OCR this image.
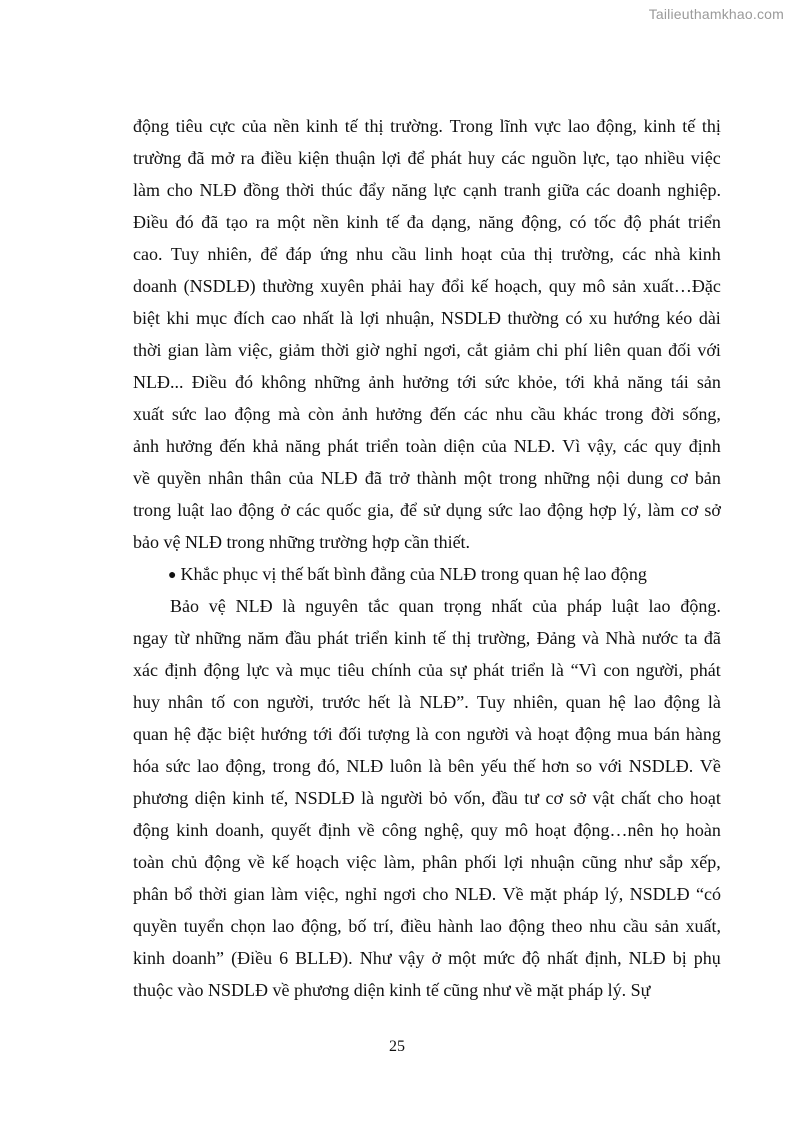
Tailieuthamkhao.com
động tiêu cực của nền kinh tế thị trường. Trong lĩnh vực lao động, kinh tế thị
trường đã mở ra điều kiện thuận lợi để phát huy các nguồn lực, tạo nhiều việc
làm cho NLĐ đồng thời thúc đẩy năng lực cạnh tranh giữa các doanh nghiệp.
Điều đó đã tạo ra một nền kinh tế đa dạng, năng động, có tốc độ phát triển
cao. Tuy nhiên, để đáp ứng nhu cầu linh hoạt của thị trường, các nhà kinh
doanh (NSDLĐ) thường xuyên phải hay đổi kế hoạch, quy mô sản xuất…Đặc
biệt khi mục đích cao nhất là lợi nhuận, NSDLĐ thường có xu hướng kéo dài
thời gian làm việc, giảm thời giờ nghỉ ngơi, cắt giảm chi phí liên quan đối với
NLĐ... Điều đó không những ảnh hưởng tới sức khỏe, tới khả năng tái sản
xuất sức lao động mà còn ảnh hưởng đến các nhu cầu khác trong đời sống,
ảnh hưởng đến khả năng phát triển toàn diện của NLĐ. Vì vậy, các quy định
về quyền nhân thân của NLĐ đã trở thành một trong những nội dung cơ bản
trong luật lao động ở các quốc gia, để sử dụng sức lao động hợp lý, làm cơ sở
bảo vệ NLĐ trong những trường hợp cần thiết.
● Khắc phục vị thế bất bình đẳng của NLĐ trong quan hệ lao động
Bảo vệ NLĐ là nguyên tắc quan trọng nhất của pháp luật lao động.
ngay từ những năm đầu phát triển kinh tế thị trường, Đảng và Nhà nước ta đã
xác định động lực và mục tiêu chính của sự phát triển là “Vì con người, phát
huy nhân tố con người, trước hết là NLĐ”. Tuy nhiên, quan hệ lao động là
quan hệ đặc biệt hướng tới đối tượng là con người và hoạt động mua bán hàng
hóa sức lao động, trong đó, NLĐ luôn là bên yếu thế hơn so với NSDLĐ. Về
phương diện kinh tế, NSDLĐ là người bỏ vốn, đầu tư cơ sở vật chất cho hoạt
động kinh doanh, quyết định về công nghệ, quy mô hoạt động…nên họ hoàn
toàn chủ động về kế hoạch việc làm, phân phối lợi nhuận cũng như sắp xếp,
phân bổ thời gian làm việc, nghỉ ngơi cho NLĐ. Về mặt pháp lý, NSDLĐ “có
quyền tuyển chọn lao động, bố trí, điều hành lao động theo nhu cầu sản xuất,
kinh doanh” (Điều 6 BLLĐ). Như vậy ở một mức độ nhất định, NLĐ bị phụ
thuộc vào NSDLĐ về phương diện kinh tế cũng như về mặt pháp lý. Sự
25
